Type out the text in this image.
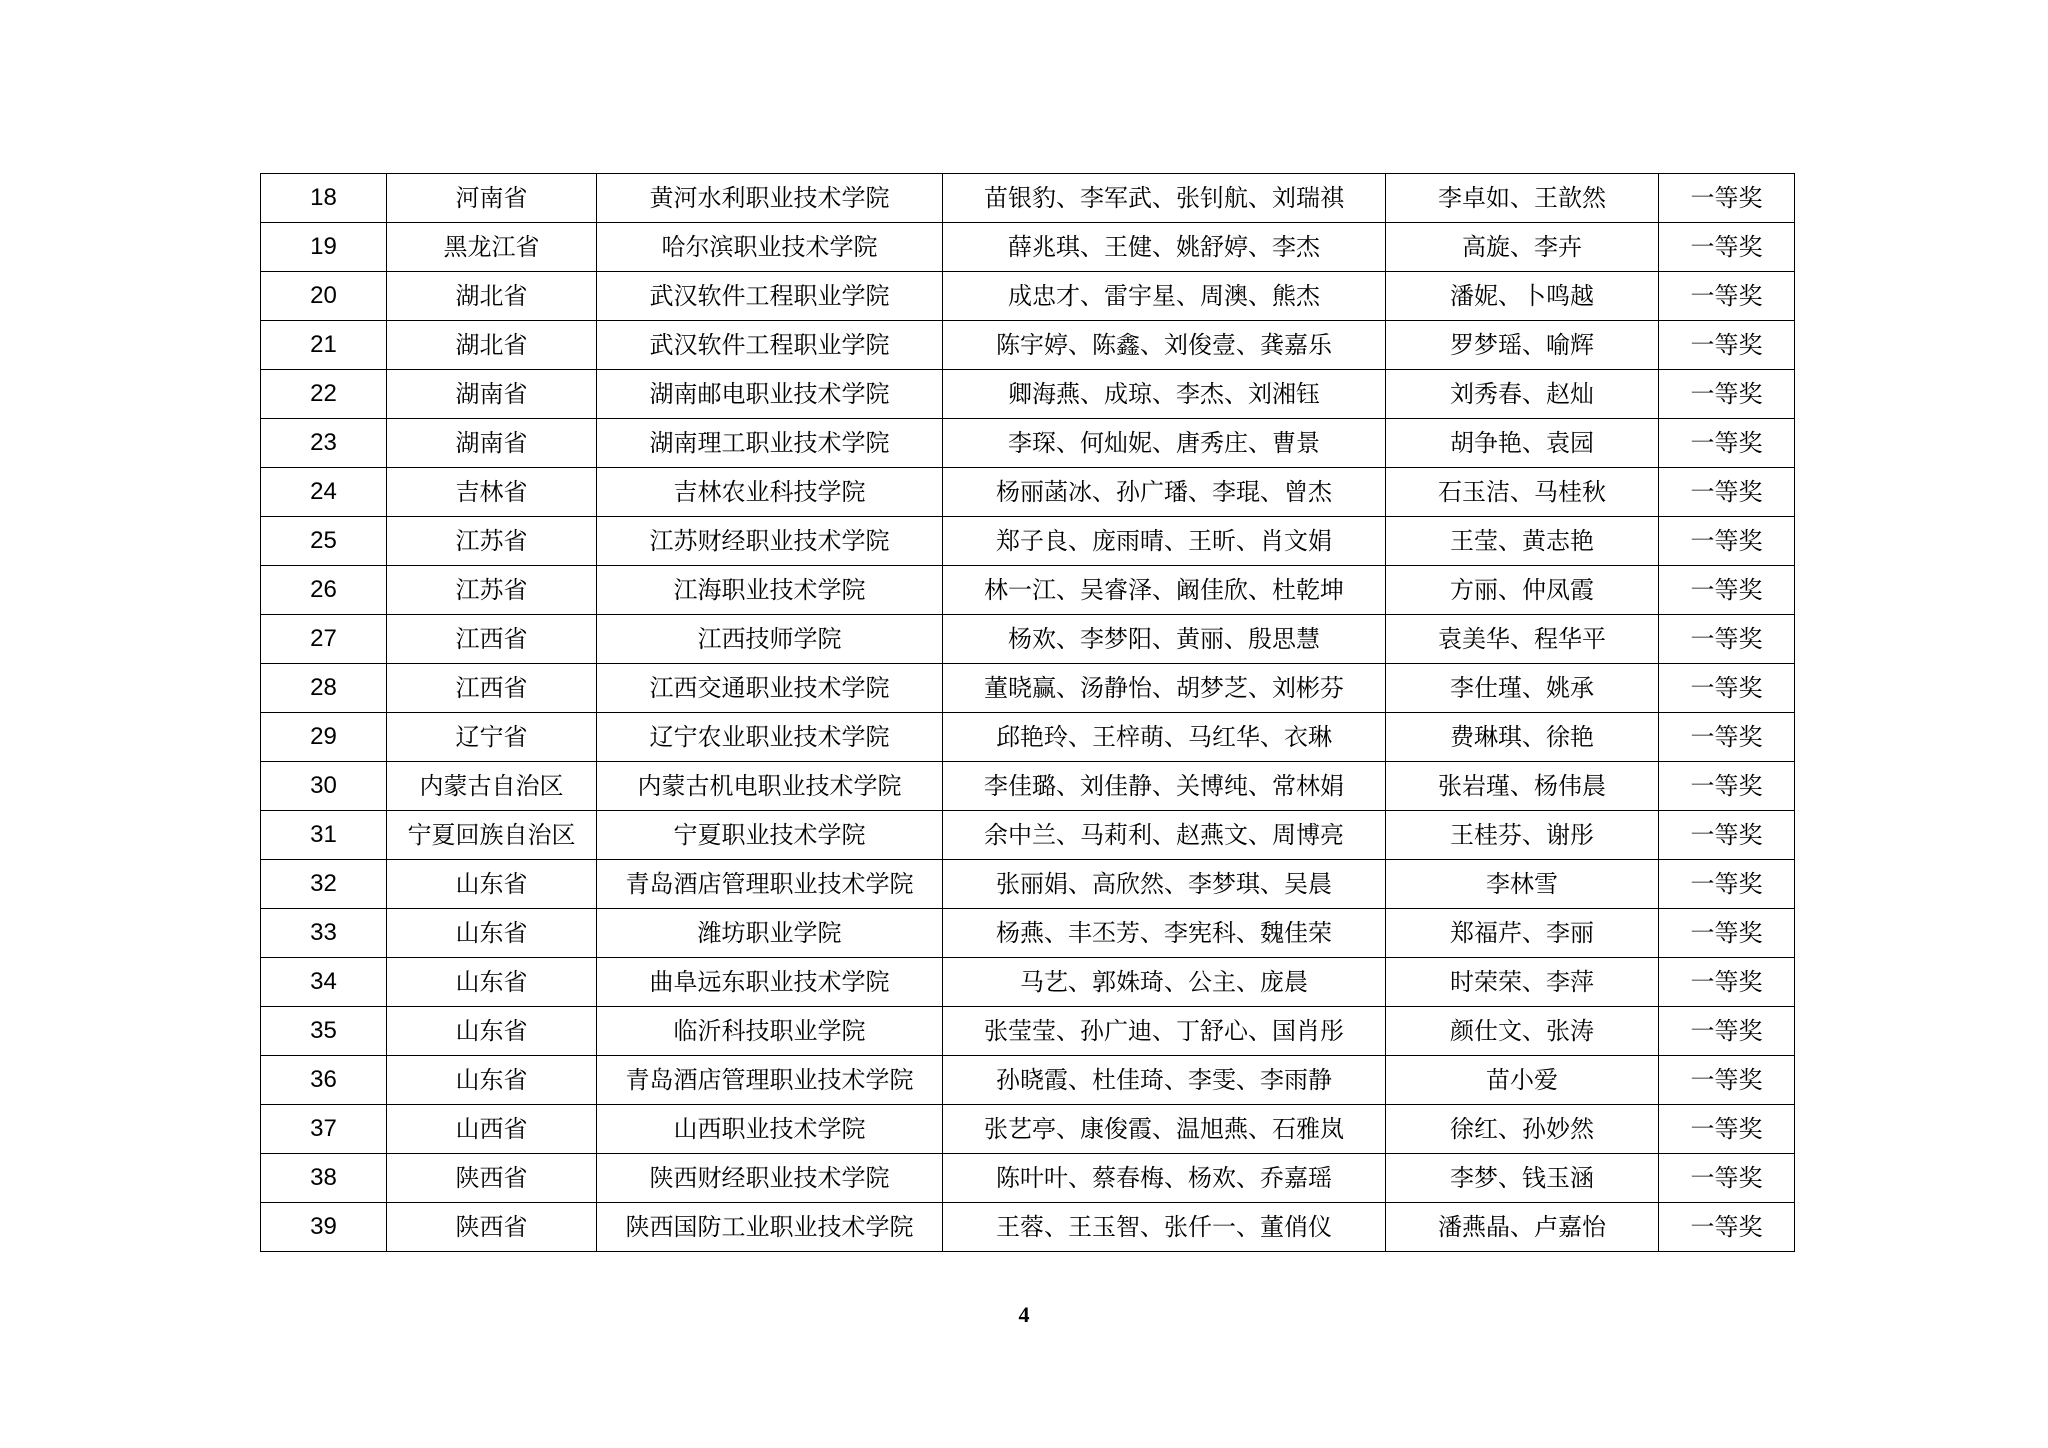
18	河南省	黄河水利职业技术学院	苗银豹、李军武、张钊航、刘瑞祺	李卓如、王歆然	一等奖
19	黑龙江省	哈尔滨职业技术学院	薛兆琪、王健、姚舒婷、李杰	高旋、李卉	一等奖
20	湖北省	武汉软件工程职业学院	成忠才、雷宇星、周澳、熊杰	潘妮、卜鸣越	一等奖
21	湖北省	武汉软件工程职业学院	陈宇婷、陈鑫、刘俊壹、龚嘉乐	罗梦瑶、喻辉	一等奖
22	湖南省	湖南邮电职业技术学院	卿海燕、成琼、李杰、刘湘钰	刘秀春、赵灿	一等奖
23	湖南省	湖南理工职业技术学院	李琛、何灿妮、唐秀庄、曹景	胡争艳、袁园	一等奖
24	吉林省	吉林农业科技学院	杨丽菡冰、孙广璠、李琨、曾杰	石玉洁、马桂秋	一等奖
25	江苏省	江苏财经职业技术学院	郑子良、庞雨晴、王昕、肖文娟	王莹、黄志艳	一等奖
26	江苏省	江海职业技术学院	林一江、吴睿泽、阚佳欣、杜乾坤	方丽、仲凤霞	一等奖
27	江西省	江西技师学院	杨欢、李梦阳、黄丽、殷思慧	袁美华、程华平	一等奖
28	江西省	江西交通职业技术学院	董晓赢、汤静怡、胡梦芝、刘彬芬	李仕瑾、姚承	一等奖
29	辽宁省	辽宁农业职业技术学院	邱艳玲、王梓萌、马红华、衣琳	费琳琪、徐艳	一等奖
30	内蒙古自治区	内蒙古机电职业技术学院	李佳璐、刘佳静、关博纯、常林娟	张岩瑾、杨伟晨	一等奖
31	宁夏回族自治区	宁夏职业技术学院	余中兰、马莉利、赵燕文、周博亮	王桂芬、谢彤	一等奖
32	山东省	青岛酒店管理职业技术学院	张丽娟、高欣然、李梦琪、吴晨	李林雪	一等奖
33	山东省	潍坊职业学院	杨燕、丰丕芳、李宪科、魏佳荣	郑福芹、李丽	一等奖
34	山东省	曲阜远东职业技术学院	马艺、郭姝琦、公主、庞晨	时荣荣、李萍	一等奖
35	山东省	临沂科技职业学院	张莹莹、孙广迪、丁舒心、国肖彤	颜仕文、张涛	一等奖
36	山东省	青岛酒店管理职业技术学院	孙晓霞、杜佳琦、李雯、李雨静	苗小爱	一等奖
37	山西省	山西职业技术学院	张艺亭、康俊霞、温旭燕、石雅岚	徐红、孙妙然	一等奖
38	陕西省	陕西财经职业技术学院	陈叶叶、蔡春梅、杨欢、乔嘉瑶	李梦、钱玉涵	一等奖
39	陕西省	陕西国防工业职业技术学院	王蓉、王玉智、张仟一、董俏仪	潘燕晶、卢嘉怡	一等奖
4
